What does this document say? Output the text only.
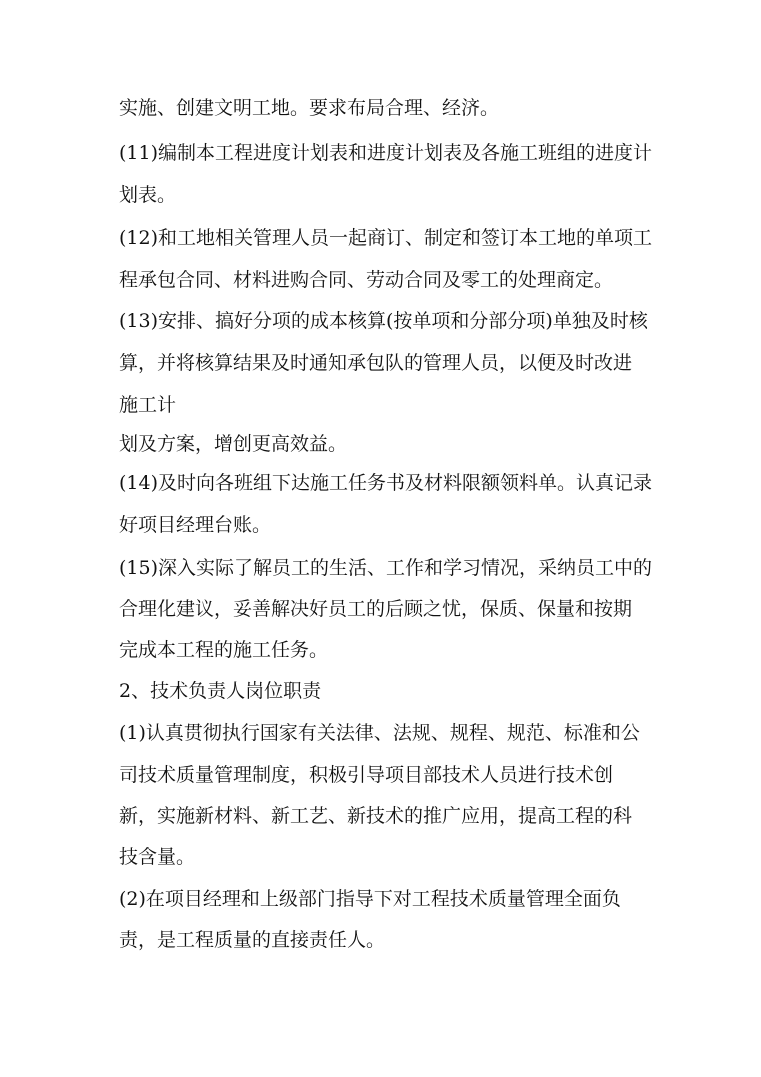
实施、创建文明工地。要求布局合理、经济。
(11)编制本工程进度计划表和进度计划表及各施工班组的进度计
划表。
(12)和工地相关管理人员一起商订、制定和签订本工地的单项工
程承包合同、材料进购合同、劳动合同及零工的处理商定。
(13)安排、搞好分项的成本核算(按单项和分部分项)单独及时核
算，并将核算结果及时通知承包队的管理人员，以便及时改进
施工计
划及方案，增创更高效益。
(14)及时向各班组下达施工任务书及材料限额领料单。认真记录
好项目经理台账。
(15)深入实际了解员工的生活、工作和学习情况，采纳员工中的
合理化建议，妥善解决好员工的后顾之忧，保质、保量和按期
完成本工程的施工任务。
2、技术负责人岗位职责
(1)认真贯彻执行国家有关法律、法规、规程、规范、标准和公
司技术质量管理制度，积极引导项目部技术人员进行技术创
新，实施新材料、新工艺、新技术的推广应用，提高工程的科
技含量。
(2)在项目经理和上级部门指导下对工程技术质量管理全面负
责，是工程质量的直接责任人。
